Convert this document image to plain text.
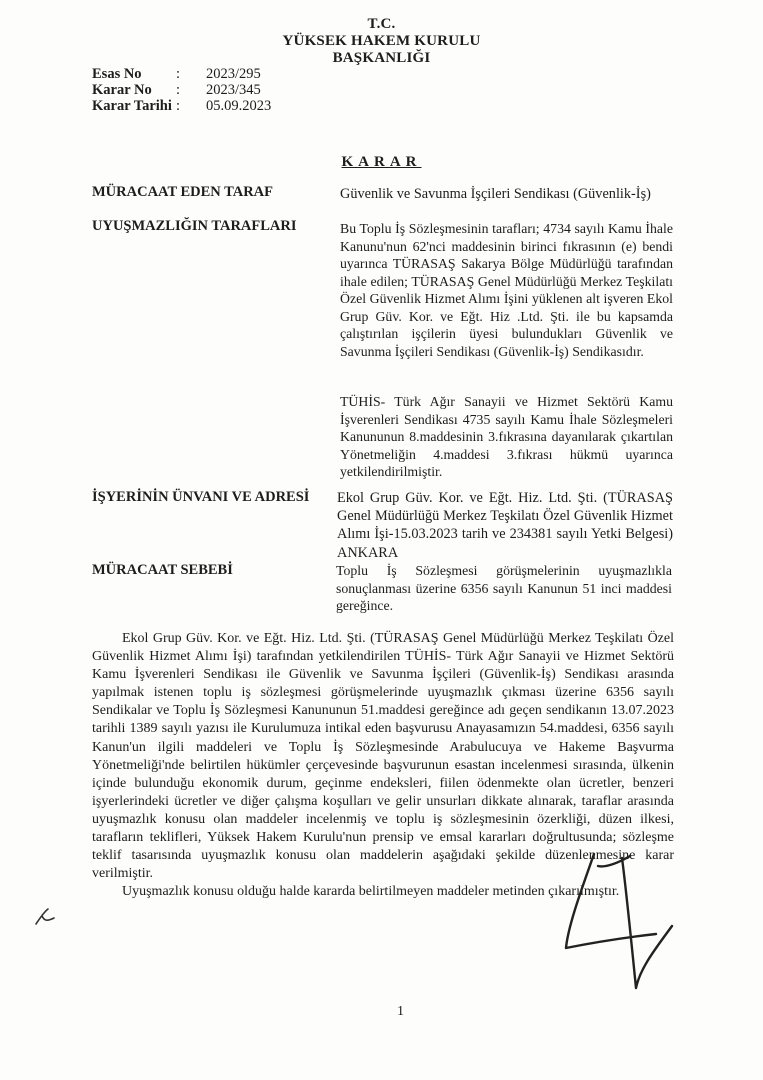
T.C.
YÜKSEK HAKEM KURULU
BAŞKANLIĞI
Esas No : 2023/295
Karar No : 2023/345
Karar Tarihi : 05.09.2023
KARAR
MÜRACAAT EDEN TARAF	Güvenlik ve Savunma İşçileri Sendikası (Güvenlik-İş)
UYUŞMAZLIĞIN TARAFLARI	Bu Toplu İş Sözleşmesinin tarafları; 4734 sayılı Kamu İhale Kanunu'nun 62'nci maddesinin birinci fıkrasının (e) bendi uyarınca TÜRASAŞ Sakarya Bölge Müdürlüğü tarafından ihale edilen; TÜRASAŞ Genel Müdürlüğü Merkez Teşkilatı Özel Güvenlik Hizmet Alımı İşini yüklenen alt işveren Ekol Grup Güv. Kor. ve Eğt. Hiz .Ltd. Şti. ile bu kapsamda çalıştırılan işçilerin üyesi bulundukları Güvenlik ve Savunma İşçileri Sendikası (Güvenlik-İş) Sendikasıdır.
TÜHİS- Türk Ağır Sanayii ve Hizmet Sektörü Kamu İşverenleri Sendikası 4735 sayılı Kamu İhale Sözleşmeleri Kanununun 8.maddesinin 3.fıkrasına dayanılarak çıkartılan Yönetmeliğin 4.maddesi 3.fıkrası hükmü uyarınca yetkilendirilmiştir.
İŞYERİNİN ÜNVANI VE ADRESİ Ekol Grup Güv. Kor. ve Eğt. Hiz. Ltd. Şti. (TÜRASAŞ Genel Müdürlüğü Merkez Teşkilatı Özel Güvenlik Hizmet Alımı İşi-15.03.2023 tarih ve 234381 sayılı Yetki Belgesi) ANKARA
MÜRACAAT SEBEBİ	Toplu İş Sözleşmesi görüşmelerinin uyuşmazlıkla sonuçlanması üzerine 6356 sayılı Kanunun 51 inci maddesi gereğince.

Ekol Grup Güv. Kor. ve Eğt. Hiz. Ltd. Şti. (TÜRASAŞ Genel Müdürlüğü Merkez Teşkilatı Özel Güvenlik Hizmet Alımı İşi) tarafından yetkilendirilen TÜHİS- Türk Ağır Sanayii ve Hizmet Sektörü Kamu İşverenleri Sendikası ile Güvenlik ve Savunma İşçileri (Güvenlik-İş) Sendikası arasında yapılmak istenen toplu iş sözleşmesi görüşmelerinde uyuşmazlık çıkması üzerine 6356 sayılı Sendikalar ve Toplu İş Sözleşmesi Kanununun 51.maddesi gereğince adı geçen sendikanın 13.07.2023 tarihli 1389 sayılı yazısı ile Kurulumuza intikal eden başvurusu Anayasamızın 54.maddesi, 6356 sayılı Kanun'un ilgili maddeleri ve Toplu İş Sözleşmesinde Arabulucuya ve Hakeme Başvurma Yönetmeliği'nde belirtilen hükümler çerçevesinde başvurunun esastan incelenmesi sırasında, ülkenin içinde bulunduğu ekonomik durum, geçinme endeksleri, fiilen ödenmekte olan ücretler, benzeri işyerlerindeki ücretler ve diğer çalışma koşulları ve gelir unsurları dikkate alınarak, taraflar arasında uyuşmazlık konusu olan maddeler incelenmiş ve toplu iş sözleşmesinin özerkliği, düzen ilkesi, tarafların teklifleri, Yüksek Hakem Kurulu'nun prensip ve emsal kararları doğrultusunda; sözleşme teklif tasarısında uyuşmazlık konusu olan maddelerin aşağıdaki şekilde düzenlenmesine karar verilmiştir.

Uyuşmazlık konusu olduğu halde kararda belirtilmeyen maddeler metinden çıkarılmıştır.

1
